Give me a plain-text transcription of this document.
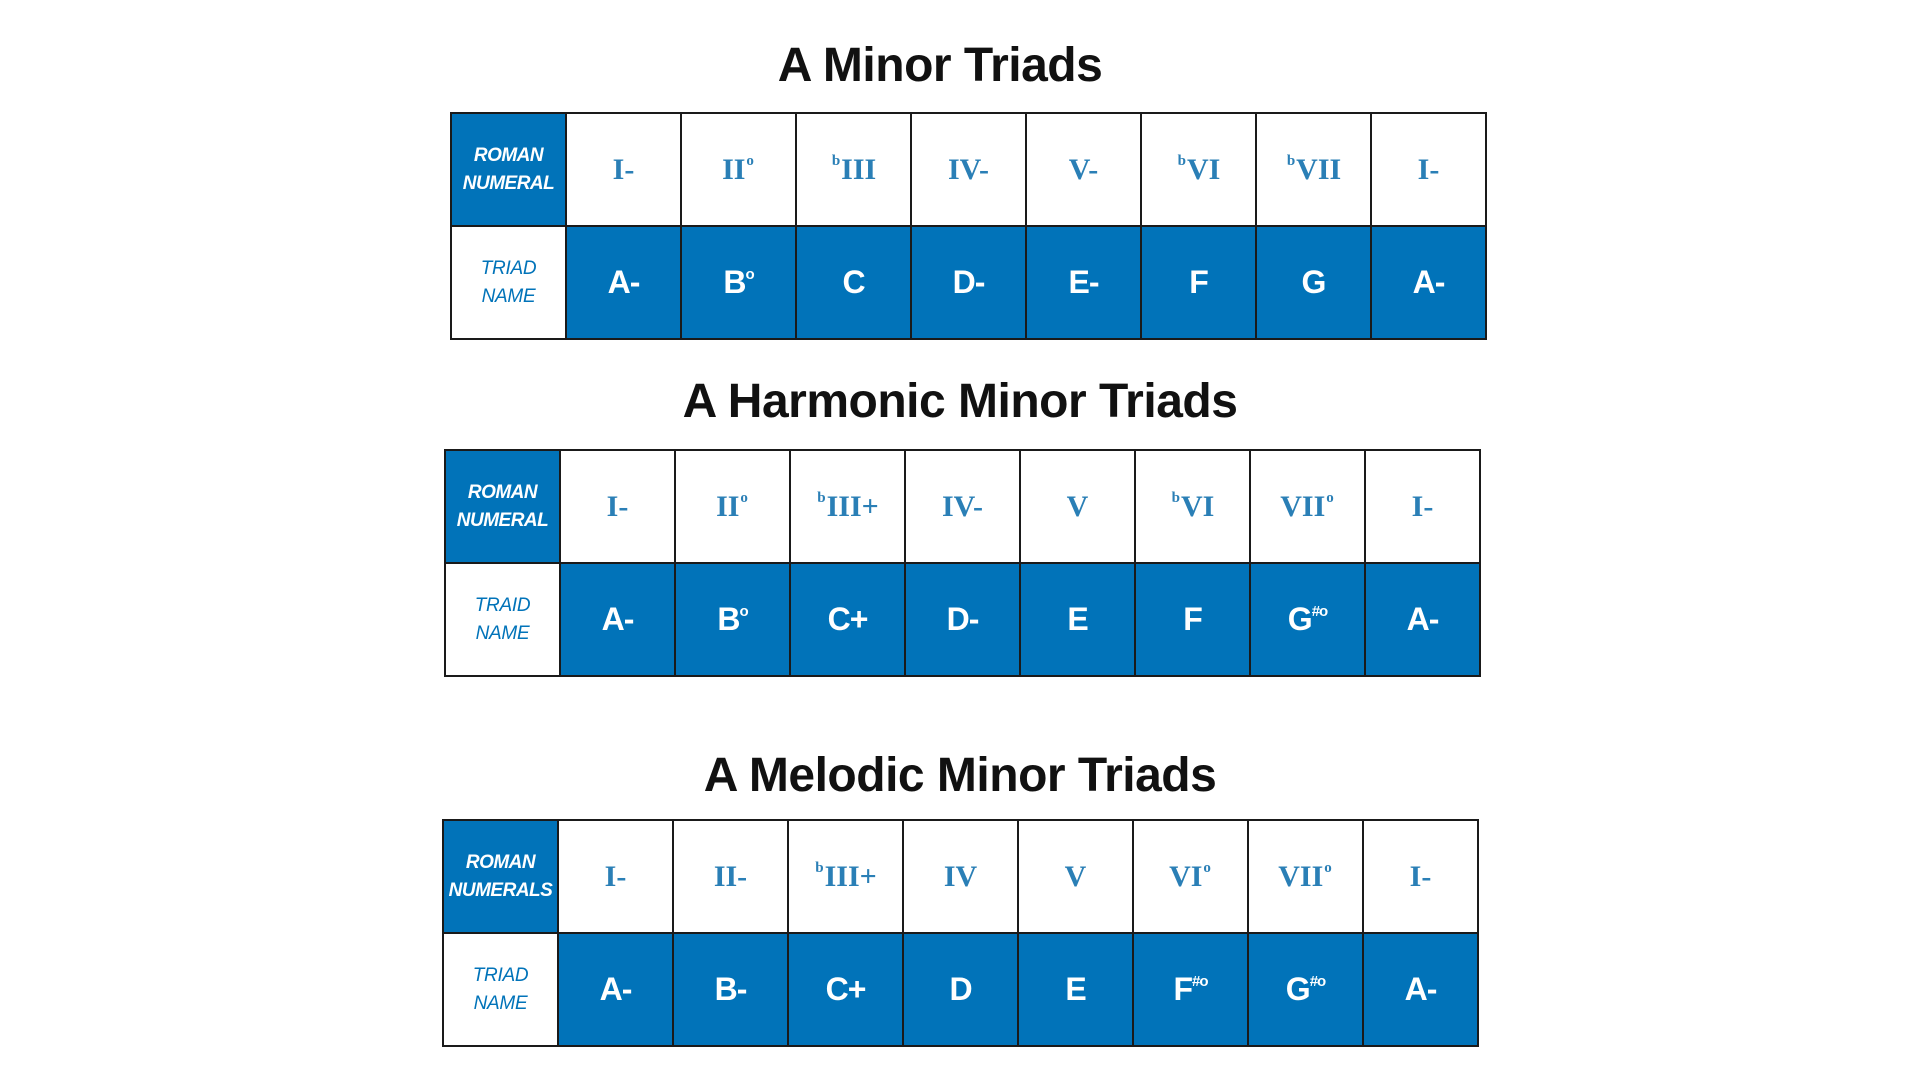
A Minor Triads
ROMAN
NUMERAL	I-	$II^o$	$^b$III	IV-	V-	$^b$VI	$^b$VII	I-

TRIAD
NAME	A-	$B^o$	C	D-	E-	F	G	A-
A Harmonic Minor Triads
ROMAN
NUMERAL	I-	$II^o$	$^b$III+	IV-	V	$^b$VI	VII$^o$	I-

TRAID
NAME	A-	$B^o$	C+	D-	E	F	$G^{\#o}$	A-
A Melodic Minor Triads
ROMAN
NUMERALS	I-	II-	$^b$III+	IV	V	$VI^o$	VII$^o$	I-

TRIAD
NAME	A-	B-	C+	D	E	$F^{\#o}$	$G^{\#o}$	A-
